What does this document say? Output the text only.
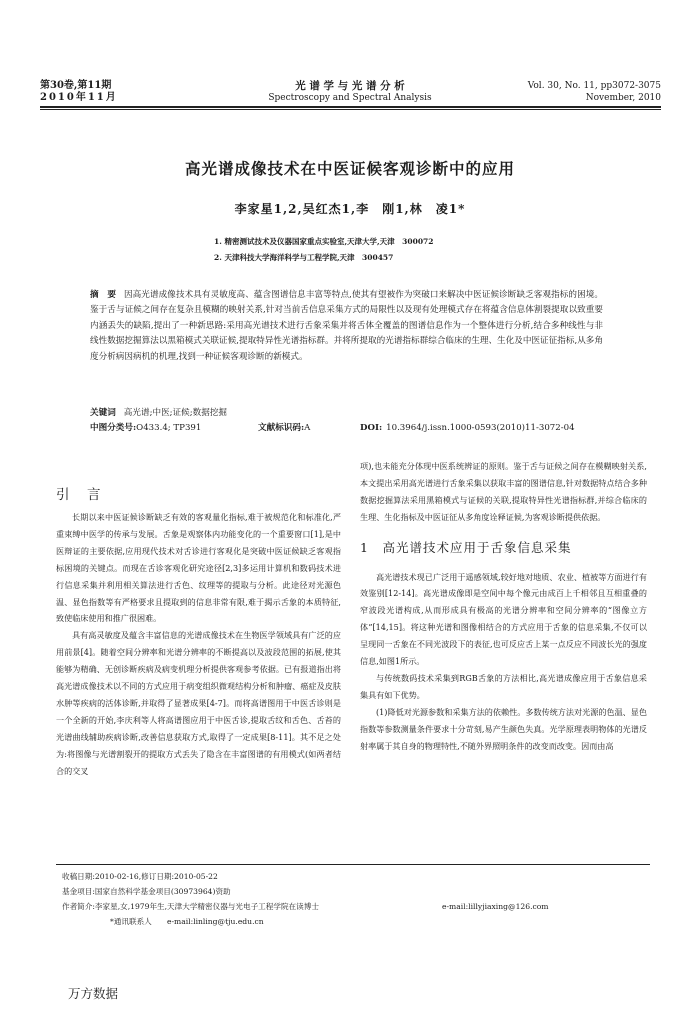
第30卷,第11期
2010年11月
光 谱 学 与 光 谱 分 析
Spectroscopy and Spectral Analysis
Vol. 30, No. 11, pp3072-3075
November, 2010
高光谱成像技术在中医证候客观诊断中的应用
李家星1,2,吴红杰1,李　刚1,林　凌1*
1. 精密测试技术及仪器国家重点实验室,天津大学,天津　300072
2. 天津科技大学海洋科学与工程学院,天津　300457
摘　要 因高光谱成像技术具有灵敏度高、蕴含图谱信息丰富等特点,使其有望被作为突破口来解决中医证候诊断缺乏客观指标的困境。鉴于舌与证候之间存在复杂且模糊的映射关系,针对当前舌信息采集方式的局限性以及现有处理模式存在将蕴含信息体割裂提取以致重要内涵丢失的缺陷,提出了一种新思路:采用高光谱技术进行舌象采集并将舌体全覆盖的图谱信息作为一个整体进行分析,结合多种线性与非线性数据挖掘算法以黑箱模式关联证候,提取特异性光谱指标群。并将所提取的光谱指标群综合临床的生理、生化及中医证征指标,从多角度分析病因病机的机理,找到一种证候客观诊断的新模式。
关键词 高光谱;中医;证候;数据挖掘
中图分类号:O433.4; TP391	文献标识码:A	DOI: 10.3964/j.issn.1000-0593(2010)11-3072-04
引　言

长期以来中医证候诊断缺乏有效的客观量化指标,难于被规范化和标准化,严重束缚中医学的传承与发展。舌象是观察体内功能变化的一个重要窗口[1],是中医辩证的主要依据,应用现代技术对舌诊进行客观化是突破中医证候缺乏客观指标困境的关键点。而现在舌诊客观化研究途径[2,3]多运用计算机和数码技术进行信息采集并利用相关算法进行舌色、纹理等的提取与分析。此途径对光源色温、显色指数等有严格要求且提取到的信息非常有限,难于揭示舌象的本质特征,致使临床使用和推广很困难。

具有高灵敏度及蕴含丰富信息的光谱成像技术在生物医学领域具有广泛的应用前景[4]。随着空间分辨率和光谱分辨率的不断提高以及波段范围的拓展,使其能够为精确、无创诊断疾病及病变机理分析提供客观参考依据。已有报道指出将高光谱成像技术以不同的方式应用于病变组织微观结构分析和肿瘤、癌症及皮肤水肿等疾病的活体诊断,并取得了显著成果[4-7]。而将高谱图用于中医舌诊则是一个全新的开始,李庆利等人将高谱图应用于中医舌诊,提取舌纹和舌色、舌苔的光谱曲线辅助疾病诊断,改善信息获取方式,取得了一定成果[8-11]。其不足之处为:将图像与光谱割裂开的提取方式丢失了隐含在丰富图谱的有用模式(如两者结合的交叉

项),也未能充分体现中医系统辨证的原则。鉴于舌与证候之间存在模糊映射关系,本文提出采用高光谱进行舌象采集以获取丰富的图谱信息,针对数据特点结合多种数据挖掘算法采用黑箱模式与证候的关联,提取特异性光谱指标群,并综合临床的生理、生化指标及中医证征从多角度诠释证候,为客观诊断提供依据。

1　高光谱技术应用于舌象信息采集

高光谱技术现已广泛用于遥感领域,较好地对地质、农业、植被等方面进行有效鉴别[12-14]。高光谱成像即是空间中每个像元由成百上千相邻且互相重叠的窄波段光谱构成,从而形成具有极高的光谱分辨率和空间分辨率的“图像立方体”[14,15]。将这种光谱和图像相结合的方式应用于舌象的信息采集,不仅可以呈现同一舌象在不同光波段下的表征,也可反应舌上某一点反应不同波长光的强度信息,如图1所示。

与传统数码技术采集到RGB舌象的方法相比,高光谱成像应用于舌象信息采集具有如下优势。

(1)降低对光源参数和采集方法的依赖性。多数传统方法对光源的色温、显色指数等参数测量条件要求十分苛刻,易产生颜色失真。光学原理表明物体的光谱反射率属于其自身的物理特性,不随外界照明条件的改变而改变。因而由高

收稿日期:2010-02-16,修订日期:2010-05-22
基金项目:国家自然科学基金项目(30973964)资助
作者简介:李家星,女,1979年生,天津大学精密仪器与光电子工程学院在读博士	e-mail:lillyjiaxing@126.com
*通讯联系人　　e-mail:linling@tju.edu.cn
万方数据
